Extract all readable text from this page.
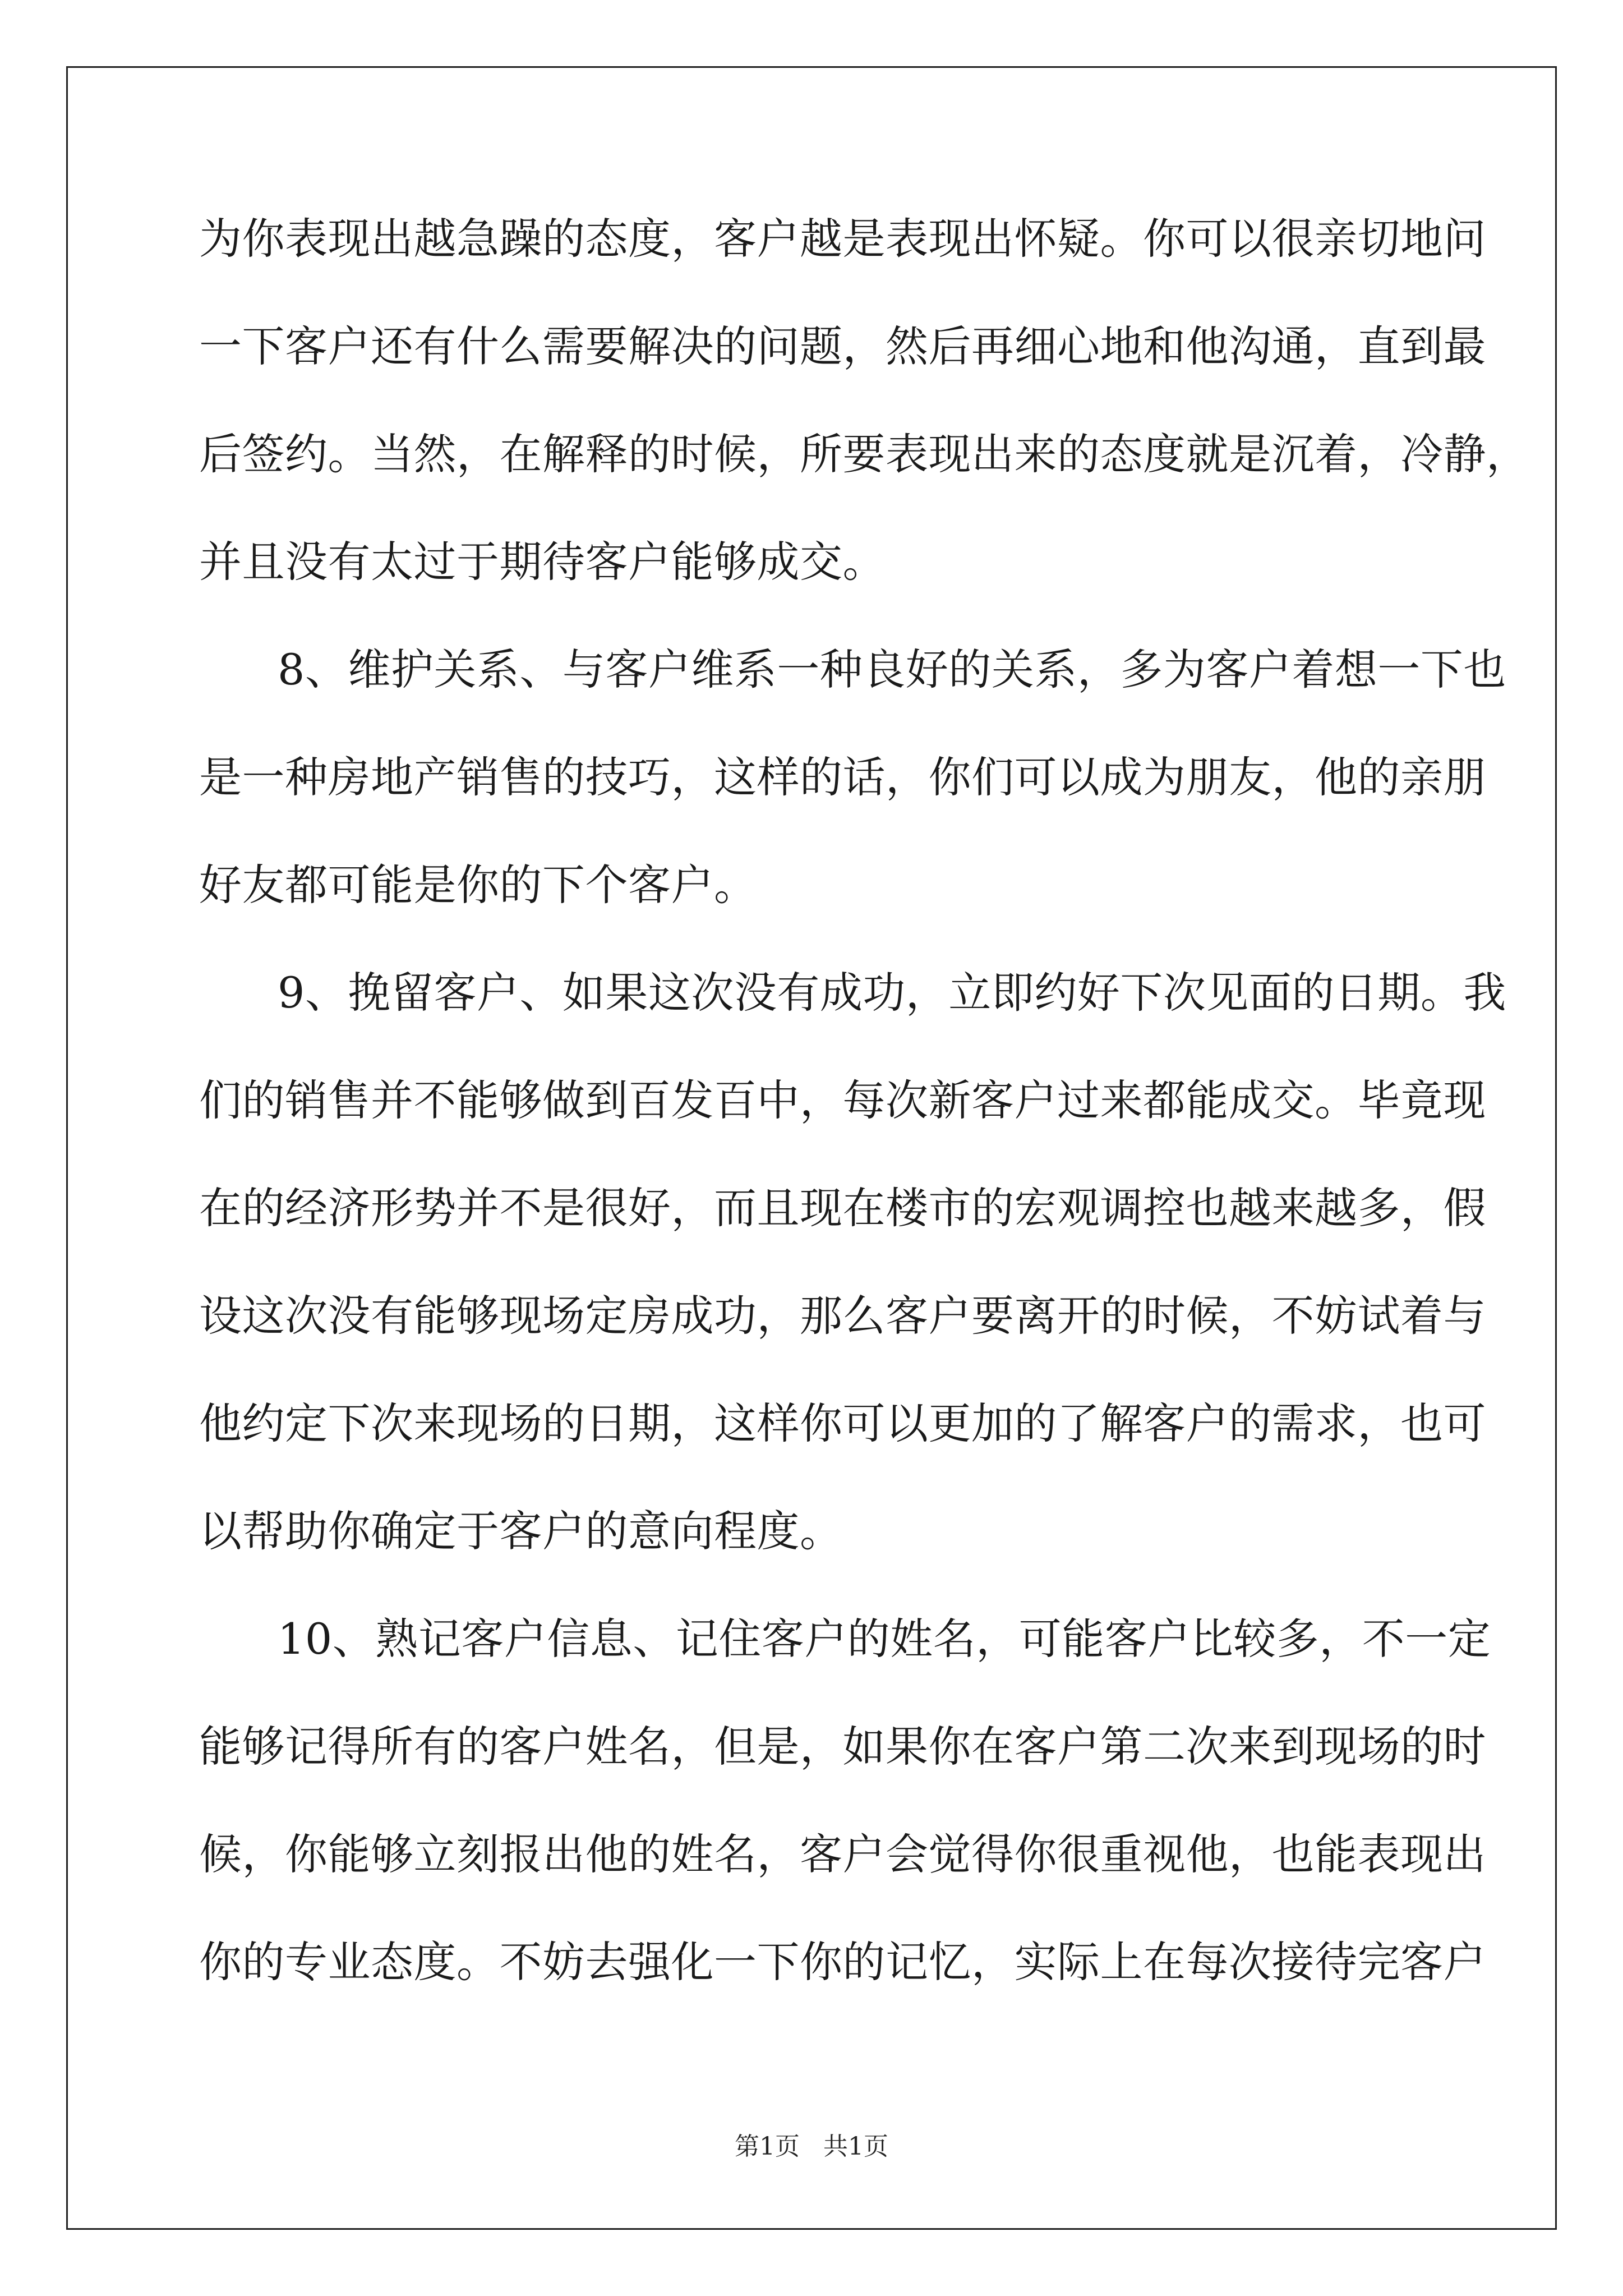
为你表现出越急躁的态度，客户越是表现出怀疑。你可以很亲切地问
一下客户还有什么需要解决的问题，然后再细心地和他沟通，直到最
后签约。当然，在解释的时候，所要表现出来的态度就是沉着，冷静，
并且没有太过于期待客户能够成交。
8、维护关系、与客户维系一种良好的关系，多为客户着想一下也
是一种房地产销售的技巧，这样的话，你们可以成为朋友，他的亲朋
好友都可能是你的下个客户。
9、挽留客户、如果这次没有成功，立即约好下次见面的日期。我
们的销售并不能够做到百发百中，每次新客户过来都能成交。毕竟现
在的经济形势并不是很好，而且现在楼市的宏观调控也越来越多，假
设这次没有能够现场定房成功，那么客户要离开的时候，不妨试着与
他约定下次来现场的日期，这样你可以更加的了解客户的需求，也可
以帮助你确定于客户的意向程度。
10、熟记客户信息、记住客户的姓名，可能客户比较多，不一定
能够记得所有的客户姓名，但是，如果你在客户第二次来到现场的时
候，你能够立刻报出他的姓名，客户会觉得你很重视他，也能表现出
你的专业态度。不妨去强化一下你的记忆，实际上在每次接待完客户
第1页   共1页
